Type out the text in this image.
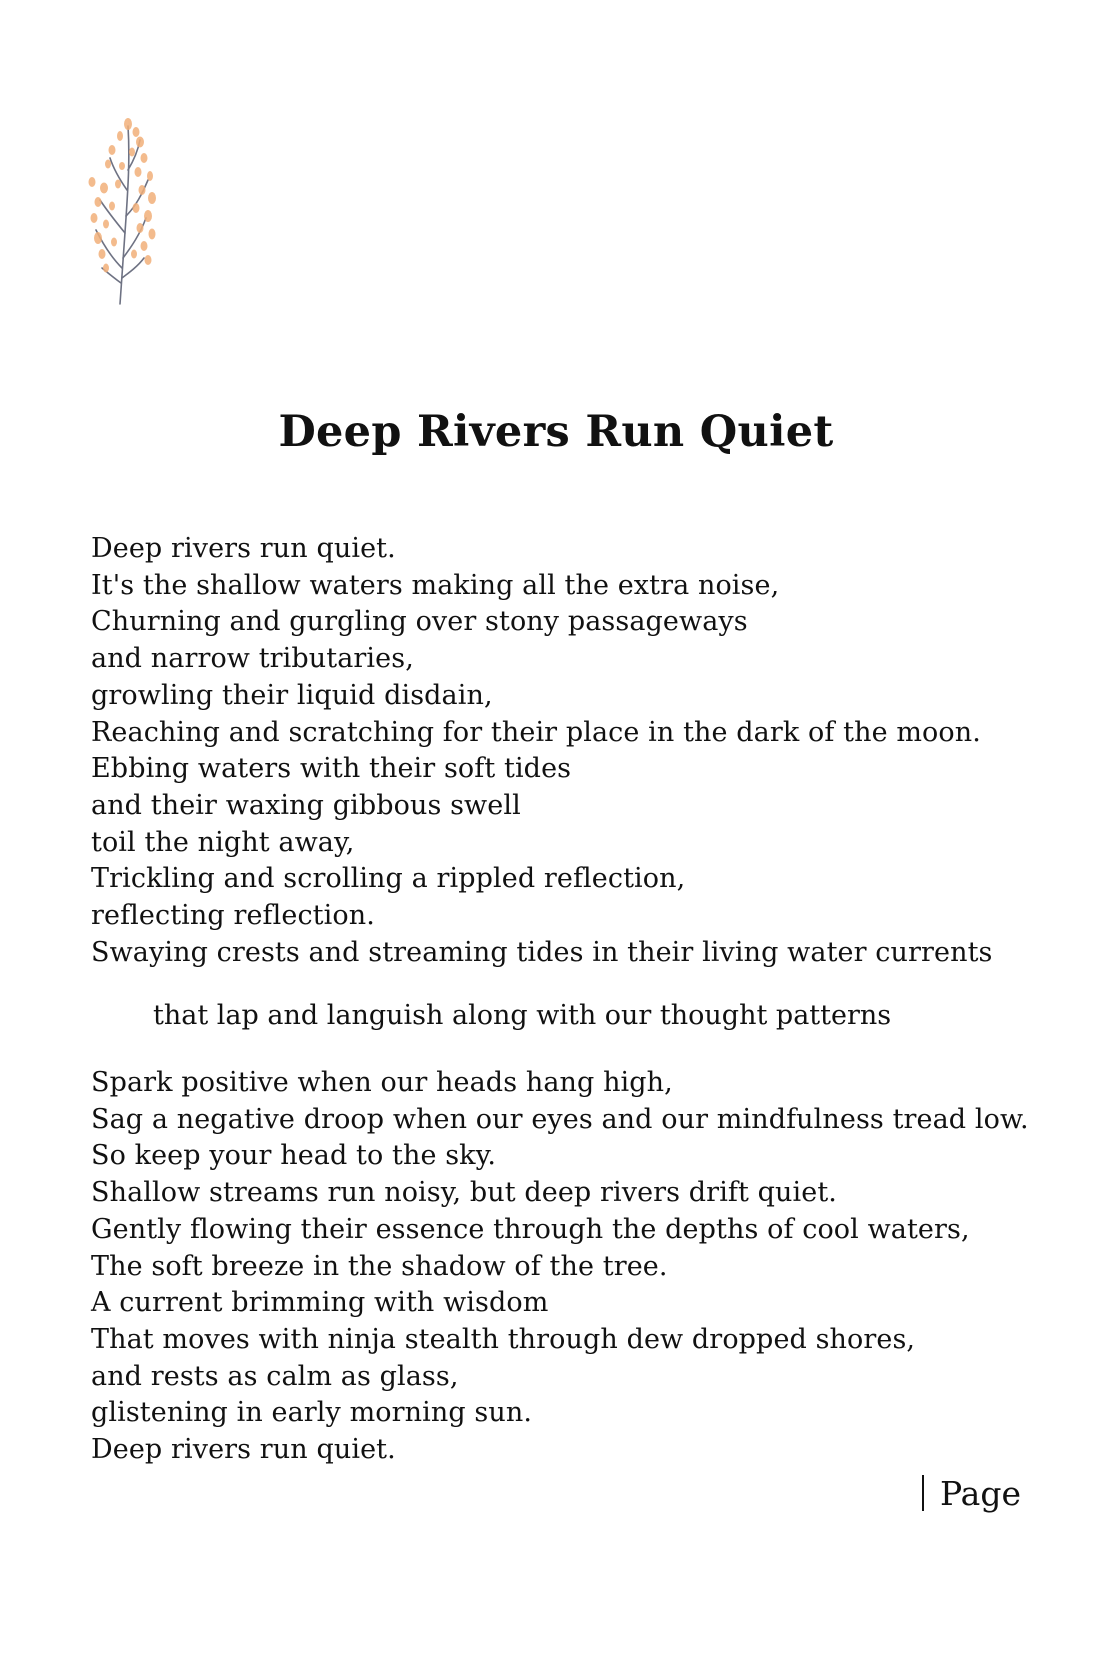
Deep Rivers Run Quiet
Deep rivers run quiet.
It's the shallow waters making all the extra noise,
Churning and gurgling over stony passageways
and narrow tributaries,
growling their liquid disdain,
Reaching and scratching for their place in the dark of the moon.
Ebbing waters with their soft tides
and their waxing gibbous swell
toil the night away,
Trickling and scrolling a rippled reflection,
reflecting reflection.
Swaying crests and streaming tides in their living water currents

that lap and languish along with our thought patterns

Spark positive when our heads hang high,
Sag a negative droop when our eyes and our mindfulness tread low.
So keep your head to the sky.
Shallow streams run noisy, but deep rivers drift quiet.
Gently flowing their essence through the depths of cool waters,
The soft breeze in the shadow of the tree.
A current brimming with wisdom
That moves with ninja stealth through dew dropped shores,
and rests as calm as glass,
glistening in early morning sun.
Deep rivers run quiet.
Page
